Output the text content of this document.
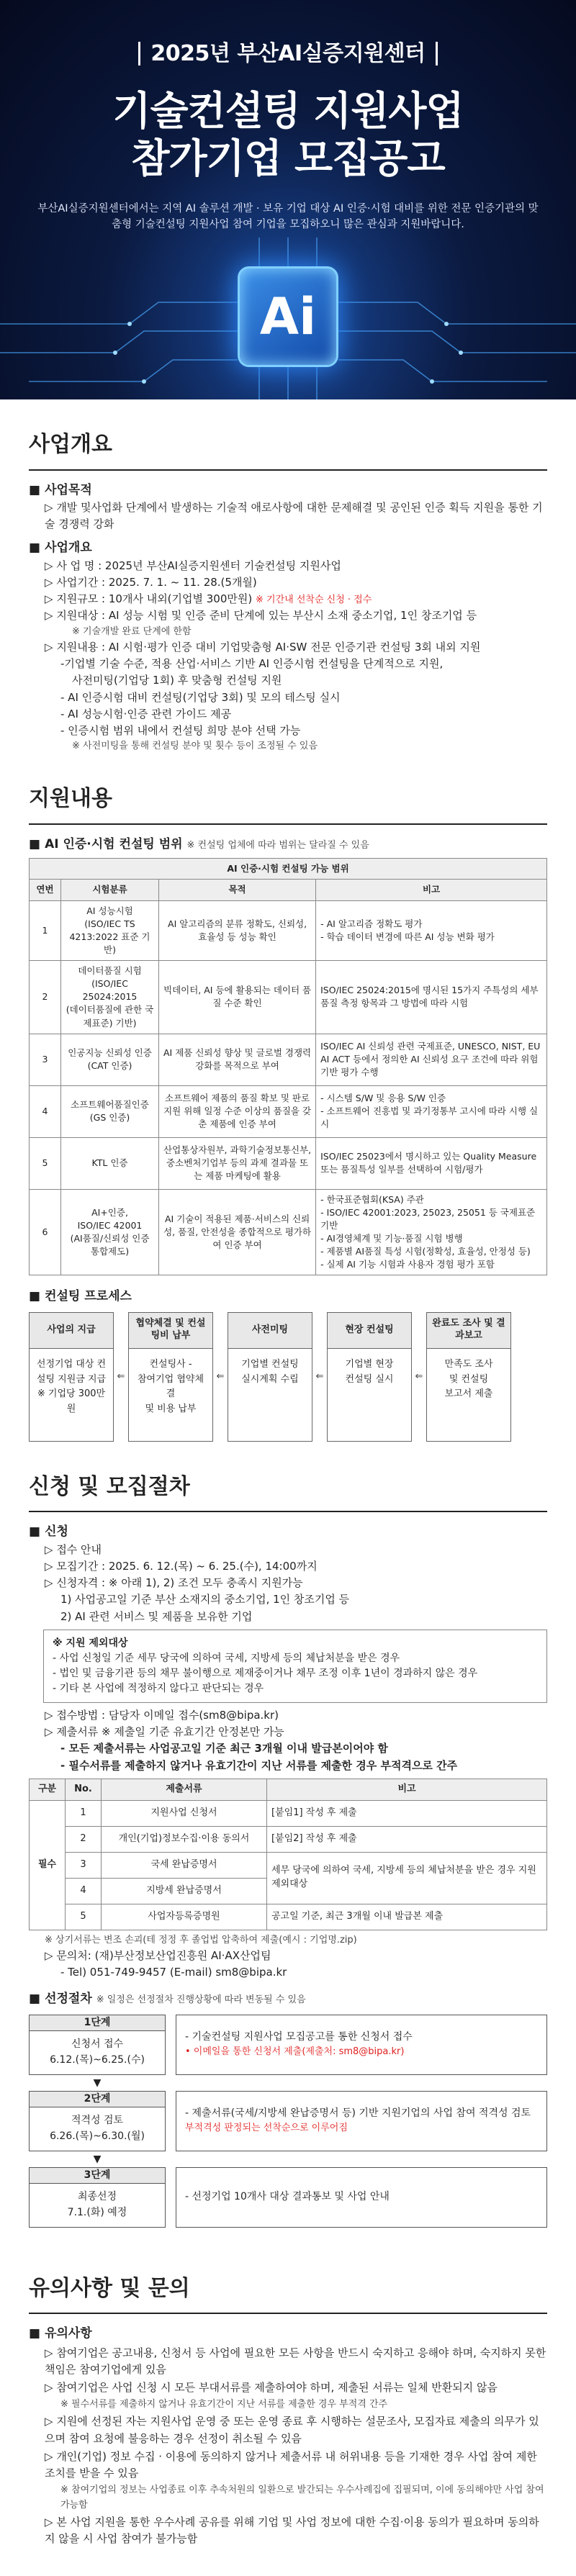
2025년 부산AI실증지원센터
기술컨설팅 지원사업
참가기업 모집공고

부산AI실증지원센터에서는 지역 AI 솔루션 개발 · 보유 기업 대상 AI 인증·시험 대비를 위한 전문 인증기관의 맞춤형 기술컨설팅 지원사업 참여 기업을 모집하오니 많은 관심과 지원바랍니다.

Ai
사업개요
■ 사업목적
▷ 개발 및사업화 단계에서 발생하는 기술적 애로사항에 대한 문제해결 및 공인된 인증 획득 지원을 통한 기술 경쟁력 강화
■ 사업개요
▷ 사 업 명 : 2025년 부산AI실증지원센터 기술컨설팅 지원사업
▷ 사업기간 : 2025. 7. 1. ~ 11. 28.(5개월)
▷ 지원규모 : 10개사 내외(기업별 300만원) ※ 기간내 선착순 신청 · 접수
▷ 지원대상 : AI 성능 시험 및 인증 준비 단계에 있는 부산시 소재 중소기업, 1인 창조기업 등
※ 기술개발 완료 단계에 한함
▷ 지원내용 : AI 시험·평가 인증 대비 기업맞춤형 AI·SW 전문 인증기관 컨설팅 3회 내외 지원
-기업별 기술 수준, 적용 산업·서비스 기반 AI 인증시험 컨설팅을 단계적으로 지원,
사전미팅(기업당 1회) 후 맞춤형 컨설팅 지원
- AI 인증시험 대비 컨설팅(기업당 3회) 및 모의 테스팅 실시
- AI 성능시험·인증 관련 가이드 제공
- 인증시험 범위 내에서 컨설팅 희망 분야 선택 가능
※ 사전미팅을 통해 컨설팅 분야 및 횟수 등이 조정될 수 있음
지원내용
■ AI 인증·시험 컨설팅 범위 ※ 컨설팅 업체에 따라 범위는 달라질 수 있음
AI 인증·시험 컨설팅 가능 범위			
연번	시험분류	목적	비고
1	AI 성능시험
(ISO/IEC TS 4213:2022 표준 기반)	AI 알고리즘의 분류 정확도, 신뢰성, 효율성 등 성능 확인	- AI 알고리즘 정확도 평가
- 학습 데이터 변경에 따른 AI 성능 변화 평가
2	데이터품질 시험
(ISO/IEC 25024:2015
(데이터품질에 관한 국제표준) 기반)	빅데이터, AI 등에 활용되는 데이터 품질 수준 확인	ISO/IEC 25024:2015에 명시된 15가지 주특성의 세부 품질 측정 항목과 그 방법에 따라 시험
3	인공지능 신뢰성 인증(CAT 인증)	AI 제품 신뢰성 향상 및 글로벌 경쟁력 강화를 목적으로 부여	ISO/IEC AI 신뢰성 관련 국제표준, UNESCO, NIST, EU AI ACT 등에서 정의한 AI 신뢰성 요구 조건에 따라 위험 기반 평가 수행
4	소프트웨어품질인증(GS 인증)	소프트웨어 제품의 품질 확보 및 판로지원 위해 일정 수준 이상의 품질을 갖춘 제품에 인증 부여	- 시스템 S/W 및 응용 S/W 인증
- 소프트웨어 진흥법 및 과기정통부 고시에 따라 시행 실시
5	KTL 인증	산업통상자원부, 과학기술정보통신부, 중소벤처기업부 등의 과제 결과물 또는 제품 마케팅에 활용	ISO/IEC 25023에서 명시하고 있는 Quality Measure 또는 품질특성 일부를 선택하여 시험/평가
6	AI+인증,
ISO/IEC 42001
(AI품질/신뢰성 인증 통합제도)	AI 기술이 적용된 제품·서비스의 신뢰성, 품질, 안전성을 종합적으로 평가하여 인증 부여	- 한국표준협회(KSA) 주관
- ISO/IEC 42001:2023, 25023, 25051 등 국제표준 기반
- AI경영체계 및 기능·품질 시험 병행
- 제품별 AI품질 특성 시험(정확성, 효율성, 안정성 등)
- 실제 AI 기능 시험과 사용자 경험 평가 포함
■ 컨설팅 프로세스
사업의 지급
선정기업 대상 컨설팅 지원금 지급
※ 기업당 300만원
⇐
협약체결 및 컨설팅비 납부
컨설팅사 -
참여기업 협약체결
및 비용 납부
⇐
사전미팅
기업별 컨설팅
실시계획 수립	⇐
현장 컨설팅
기업별 현장
컨설팅 실시	⇐
완료도 조사 및 결과보고
만족도 조사
및 컨설팅
보고서 제출
신청 및 모집절차
■ 신청
▷ 접수 안내
▷ 모집기간 : 2025. 6. 12.(목) ~ 6. 25.(수), 14:00까지
▷ 신청자격 : ※ 아래 1), 2) 조건 모두 충족시 지원가능
1) 사업공고일 기준 부산 소재지의 중소기업, 1인 창조기업 등
2) AI 관련 서비스 및 제품을 보유한 기업
※ 지원 제외대상
- 사업 신청일 기준 세무 당국에 의하여 국세, 지방세 등의 체납처분을 받은 경우
- 법인 및 금융기관 등의 채무 불이행으로 제재중이거나 채무 조정 이후 1년이 경과하지 않은 경우
- 기타 본 사업에 적정하지 않다고 판단되는 경우
▷ 접수방법 : 담당자 이메일 접수(sm8@bipa.kr)
▷ 제출서류 ※ 제출일 기준 유효기간 안정본만 가능
- 모든 제출서류는 사업공고일 기준 최근 3개월 이내 발급본이어야 함
- 필수서류를 제출하지 않거나 유효기간이 지난 서류를 제출한 경우 부적격으로 간주
구분	No.	제출서류	비고
필수	1	지원사업 신청서	[붙임1] 작성 후 제출
	2	개인(기업)정보수집·이용 동의서	[붙임2] 작성 후 제출
	3	국세 완납증명서	세무 당국에 의하여 국세, 지방세 등의 체납처분을 받은 경우 지원 제외대상
	4	지방세 완납증명서	
	5	사업자등록증명원	공고일 기준, 최근 3개월 이내 발급본 제출
※ 상기서류는 변조 손괴(테 정정 후 졸업법 압축하여 제출(예시 : 기업명.zip)
▷ 문의처: (재)부산정보산업진흥원 AI·AX산업팀
- Tel) 051-749-9457 (E-mail) sm8@bipa.kr
■ 선정절차 ※ 일정은 선정절차 진행상황에 따라 변동될 수 있음
1단계
신청서 접수
6.12.(목)~6.25.(수)
▼
2단계
적격성 검토
6.26.(목)~6.30.(월)
▼
3단계
최종선정
7.1.(화) 예정
- 기술컨설팅 지원사업 모집공고를 통한 신청서 접수
• 이메일을 통한 신청서 제출(제출처: sm8@bipa.kr)
- 제출서류(국세/지방세 완납증명서 등) 기반 지원기업의 사업 참여 적격성 검토
부적격성 판정되는 선착순으로 이루어짐
- 선정기업 10개사 대상 결과통보 및 사업 안내
유의사항 및 문의
■ 유의사항
▷ 참여기업은 공고내용, 신청서 등 사업에 필요한 모든 사항을 반드시 숙지하고 응해야 하며, 숙지하지 못한 책임은 참여기업에게 있음
▷ 참여기업은 사업 신청 시 모든 부대서류를 제출하여야 하며, 제출된 서류는 일체 반환되지 않음
※ 필수서류를 제출하지 않거나 유효기간이 지난 서류를 제출한 경우 부적격 간주
▷ 지원에 선정된 자는 지원사업 운영 중 또는 운영 종료 후 시행하는 설문조사, 모집자료 제출의 의무가 있으며 참여 요청에 불응하는 경우 선정이 취소될 수 있음
▷ 개인(기업) 정보 수집 · 이용에 동의하지 않거나 제출서류 내 허위내용 등을 기재한 경우 사업 참여 제한 조치를 받을 수 있음
※ 참여기업의 정보는 사업종료 이후 추속처원의 일환으로 발간되는 우수사례집에 집필되며, 이에 동의해야만 사업 참여 가능함
▷ 본 사업 지원을 통한 우수사례 공유를 위해 기업 및 사업 정보에 대한 수집·이용 동의가 필요하며 동의하지 않을 시 사업 참여가 불가능함
